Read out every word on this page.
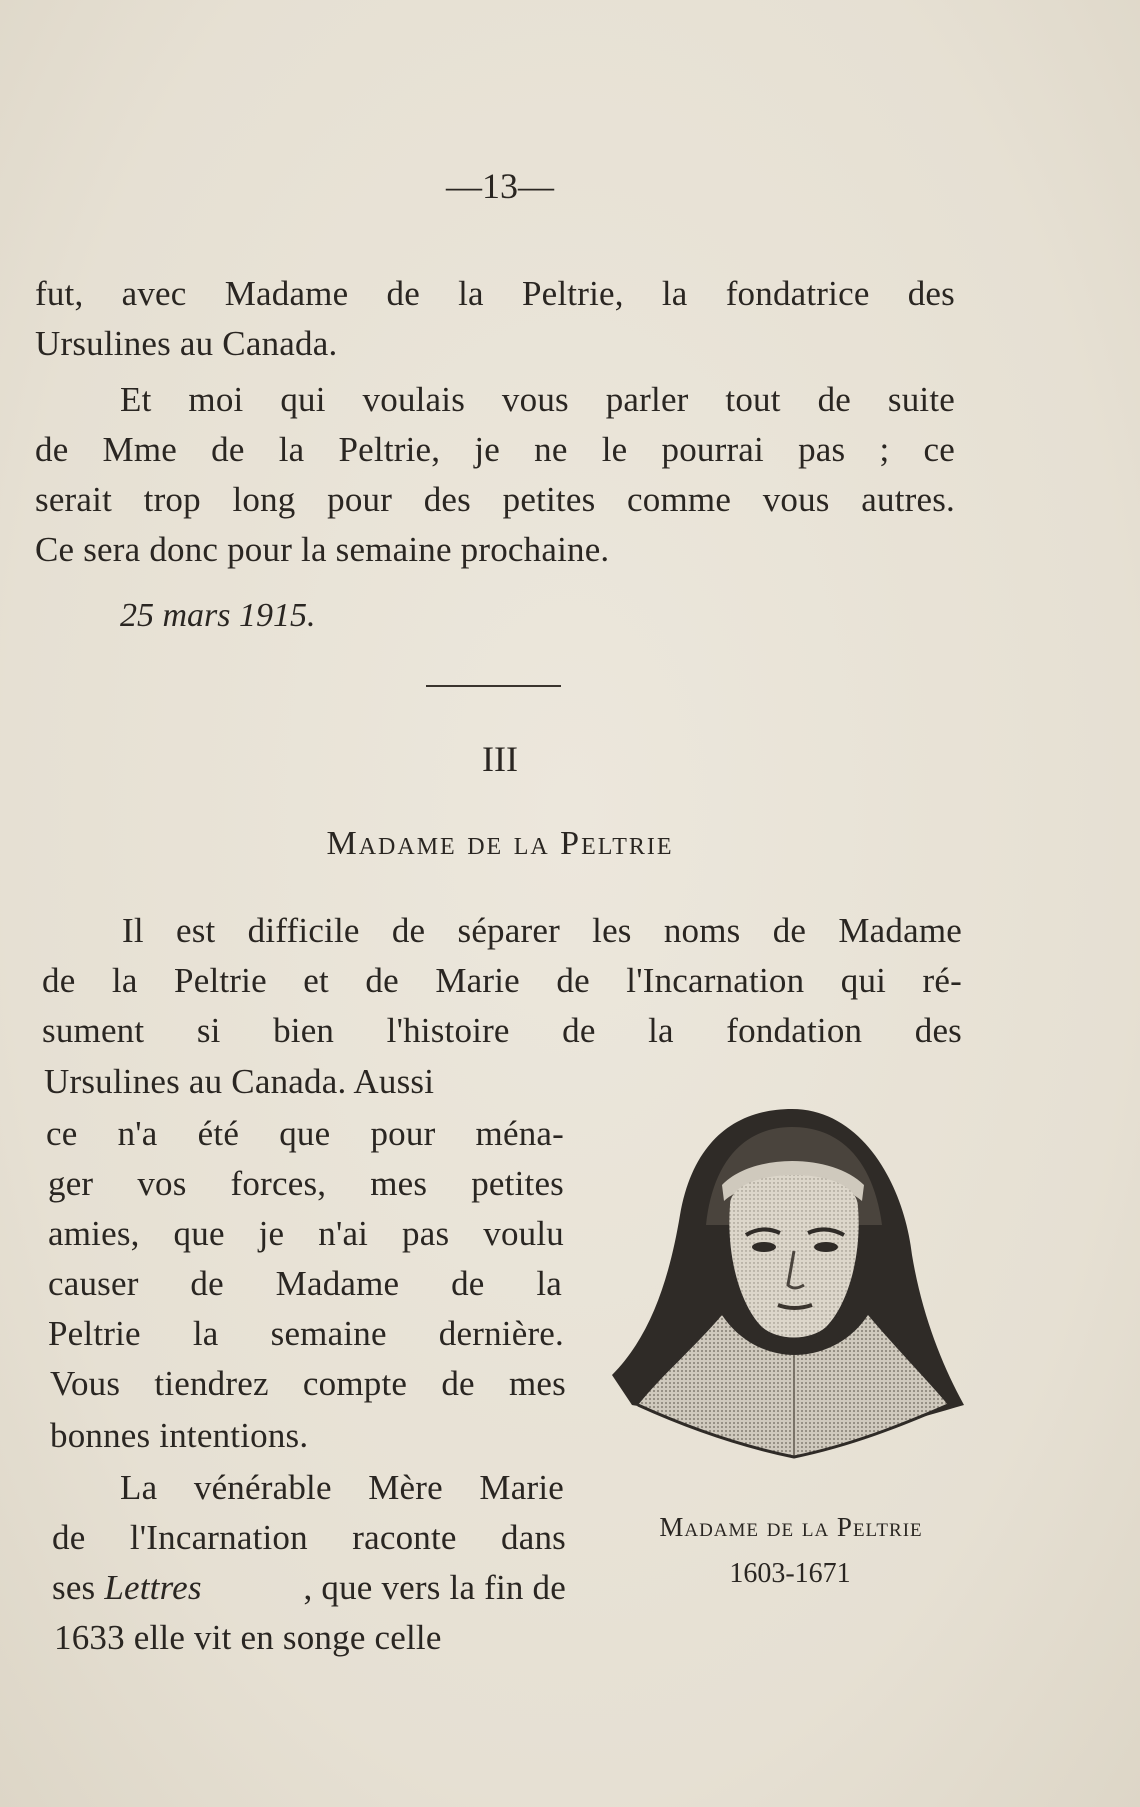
—13—
fut, avec Madame de la Peltrie, la fondatrice des
Ursulines au Canada.
Et moi qui voulais vous parler tout de suite
de Mme de la Peltrie, je ne le pourrai pas ; ce
serait trop long pour des petites comme vous autres.
Ce sera donc pour la semaine prochaine.
25 mars 1915.
III
Madame de la Peltrie
Il est difficile de séparer les noms de Madame
de la Peltrie et de Marie de l'Incarnation qui ré-
sument si bien l'histoire de la fondation des
Ursulines au Canada. Aussi
ce n'a été que pour ména-
ger vos forces, mes petites
amies, que je n'ai pas voulu
causer de Madame de la
Peltrie la semaine dernière.
Vous tiendrez compte de mes
bonnes intentions.
La vénérable Mère Marie
de l'Incarnation raconte dans
ses Lettres	, que vers la fin de
1633 elle vit en songe celle
Madame de la Peltrie
1603-1671
